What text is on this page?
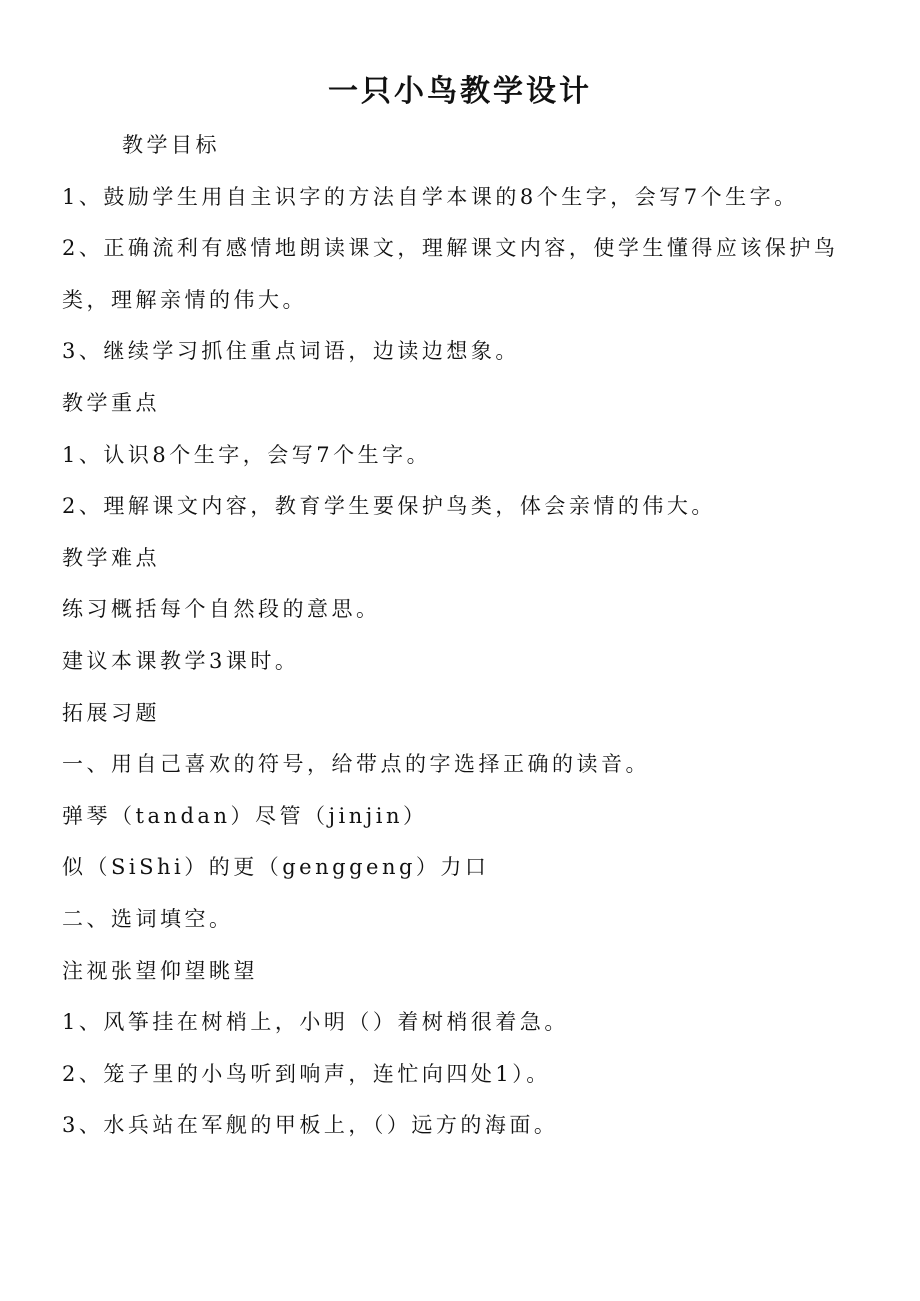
一只小鸟教学设计
教学目标
1、鼓励学生用自主识字的方法自学本课的8个生字，会写7个生字。
2、正确流利有感情地朗读课文，理解课文内容，使学生懂得应该保护鸟
类，理解亲情的伟大。
3、继续学习抓住重点词语，边读边想象。
教学重点
1、认识8个生字，会写7个生字。
2、理解课文内容，教育学生要保护鸟类，体会亲情的伟大。
教学难点
练习概括每个自然段的意思。
建议本课教学3课时。
拓展习题
一、用自己喜欢的符号，给带点的字选择正确的读音。
弹琴（tandan）尽管（jinjin）
似（SiShi）的更（genggeng）力口
二、选词填空。
注视张望仰望眺望
1、风筝挂在树梢上，小明（）着树梢很着急。
2、笼子里的小鸟听到响声，连忙向四处1）。
3、水兵站在军舰的甲板上，（）远方的海面。
